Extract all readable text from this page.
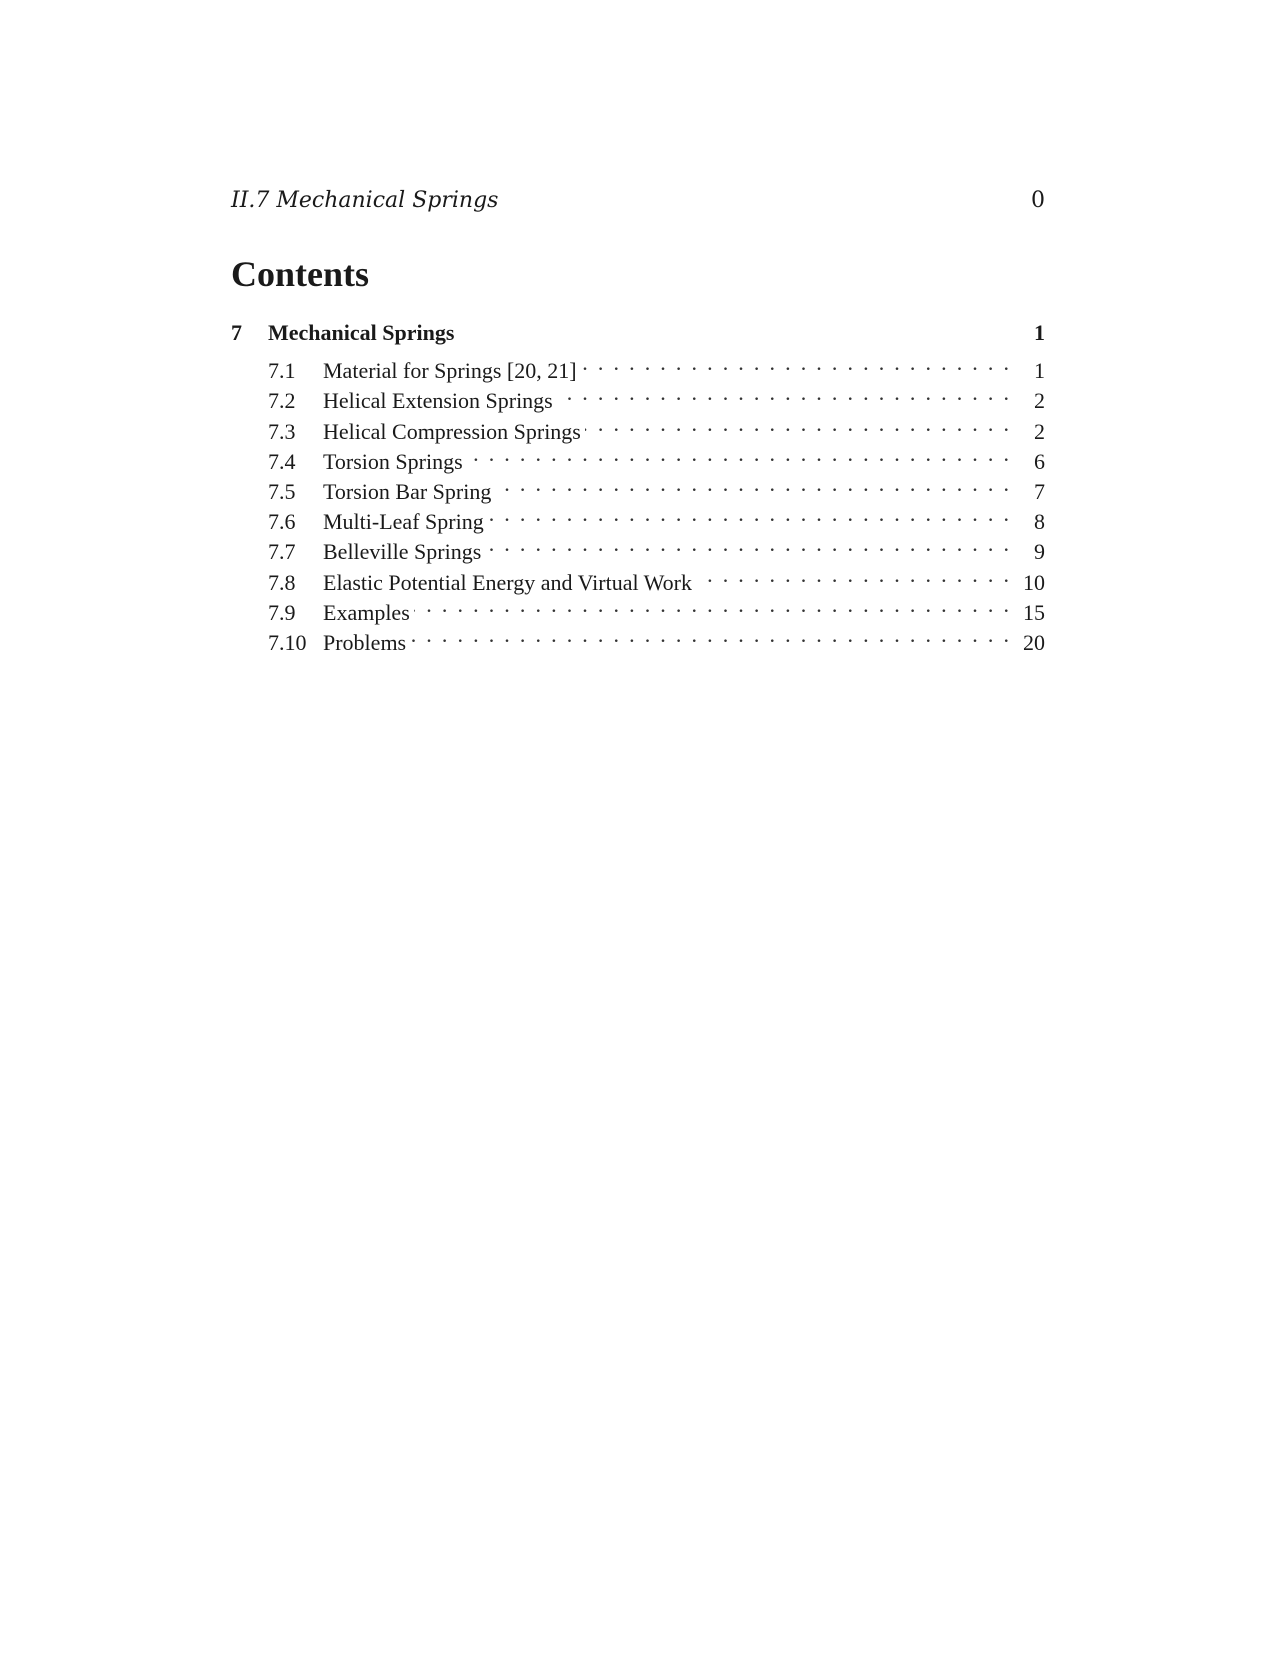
II.7 Mechanical Springs	0
Contents
7	Mechanical Springs	1
7.1	Material for Springs [20, 21] . . .	1
7.2	Helical Extension Springs . . .	2
7.3	Helical Compression Springs . . .	2
7.4	Torsion Springs . . .	6
7.5	Torsion Bar Spring . . .	7
7.6	Multi-Leaf Spring . . .	8
7.7	Belleville Springs . . .	9
7.8	Elastic Potential Energy and Virtual Work . . .	10
7.9	Examples . . .	15
7.10 Problems . . .	20
